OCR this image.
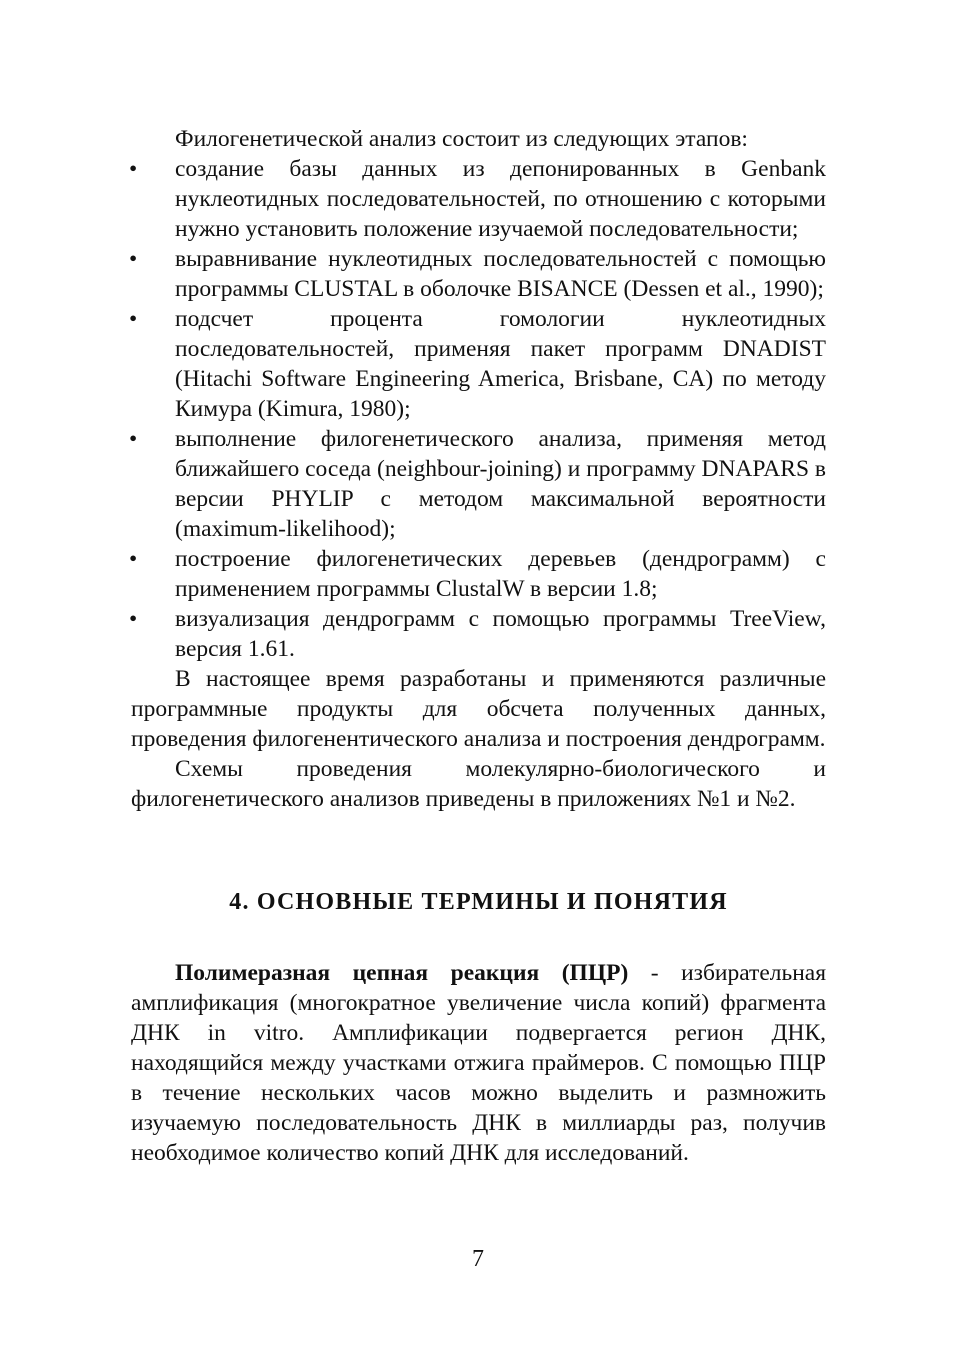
Филогенетической анализ состоит из следующих этапов:

• создание базы данных из депонированных в Genbank нуклеотидных последовательностей, по отношению с которыми нужно установить положение изучаемой последовательности;
• выравнивание нуклеотидных последовательностей с помощью программы CLUSTAL в оболочке BISANCE (Dessen et al., 1990);
• подсчет процента гомологии нуклеотидных последовательностей, применяя пакет программ DNADIST (Hitachi Software Engineering America, Brisbane, CA) по методу Кимура (Kimura, 1980);
• выполнение филогенетического анализа, применяя метод ближайшего соседа (neighbour-joining) и программу DNAPARS в версии PHYLIP с методом максимальной вероятности (maximum-likelihood);
• построение филогенетических деревьев (дендрограмм) с применением программы ClustalW в версии 1.8;
• визуализация дендрограмм с помощью программы TreeView, версия 1.61.

В настоящее время разработаны и применяются различные программные продукты для обсчета полученных данных, проведения филогенентического анализа и построения дендрограмм.

Схемы проведения молекулярно-биологического и филогенетического анализов приведены в приложениях №1 и №2.

4. ОСНОВНЫЕ ТЕРМИНЫ И ПОНЯТИЯ

Полимеразная цепная реакция (ПЦР) - избирательная амплификация (многократное увеличение числа копий) фрагмента ДНК in vitro. Амплификации подвергается регион ДНК, находящийся между участками отжига праймеров. С помощью ПЦР в течение нескольких часов можно выделить и размножить изучаемую последовательность ДНК в миллиарды раз, получив необходимое количество копий ДНК для исследований.

7
